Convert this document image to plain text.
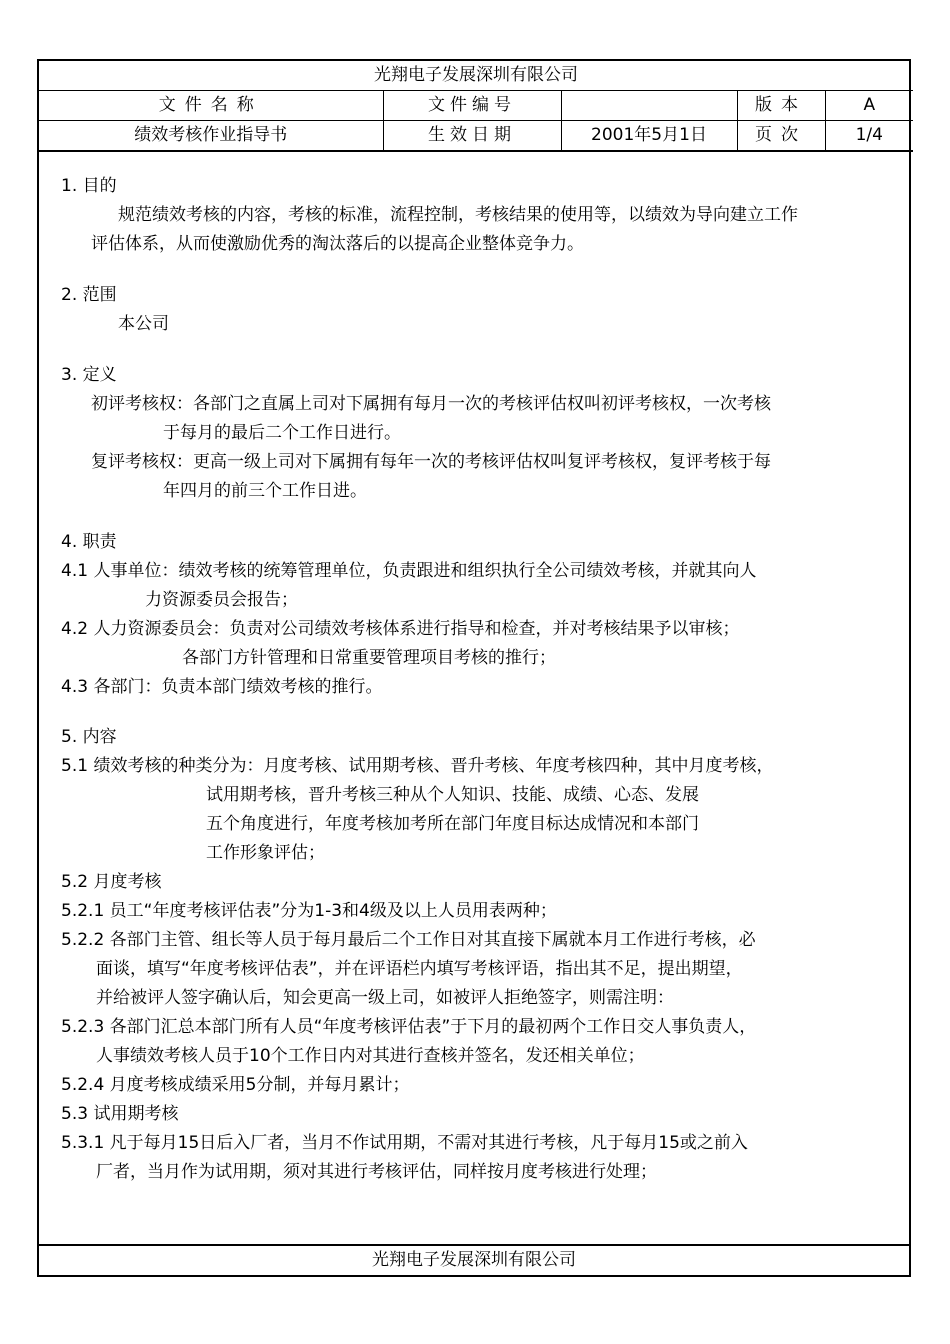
光翔电子发展深圳有限公司				
文件名称	文件编号		版本	A
绩效考核作业指导书	生效日期	2001年5月1日	页次	1/4
1. 目的
规范绩效考核的内容，考核的标准，流程控制，考核结果的使用等，以绩效为导向建立工作
评估体系，从而使激励优秀的淘汰落后的以提高企业整体竞争力。
2. 范围
本公司
3. 定义
初评考核权：各部门之直属上司对下属拥有每月一次的考核评估权叫初评考核权，一次考核
于每月的最后二个工作日进行。
复评考核权：更高一级上司对下属拥有每年一次的考核评估权叫复评考核权，复评考核于每
年四月的前三个工作日进。
4. 职责
4.1 人事单位：绩效考核的统筹管理单位，负责跟进和组织执行全公司绩效考核，并就其向人
力资源委员会报告；
4.2 人力资源委员会：负责对公司绩效考核体系进行指导和检查，并对考核结果予以审核；
各部门方针管理和日常重要管理项目考核的推行；
4.3 各部门：负责本部门绩效考核的推行。
5. 内容
5.1 绩效考核的种类分为：月度考核、试用期考核、晋升考核、年度考核四种，其中月度考核，
试用期考核，晋升考核三种从个人知识、技能、成绩、心态、发展
五个角度进行，年度考核加考所在部门年度目标达成情况和本部门
工作形象评估；
5.2 月度考核
5.2.1 员工“年度考核评估表”分为1-3和4级及以上人员用表两种；
5.2.2 各部门主管、组长等人员于每月最后二个工作日对其直接下属就本月工作进行考核，必
面谈，填写“年度考核评估表”，并在评语栏内填写考核评语，指出其不足，提出期望，
并给被评人签字确认后，知会更高一级上司，如被评人拒绝签字，则需注明：
5.2.3 各部门汇总本部门所有人员“年度考核评估表”于下月的最初两个工作日交人事负责人，
人事绩效考核人员于10个工作日内对其进行查核并签名，发还相关单位；
5.2.4 月度考核成绩采用5分制，并每月累计；
5.3 试用期考核
5.3.1 凡于每月15日后入厂者，当月不作试用期，不需对其进行考核，凡于每月15或之前入
厂者，当月作为试用期，须对其进行考核评估，同样按月度考核进行处理；
光翔电子发展深圳有限公司
